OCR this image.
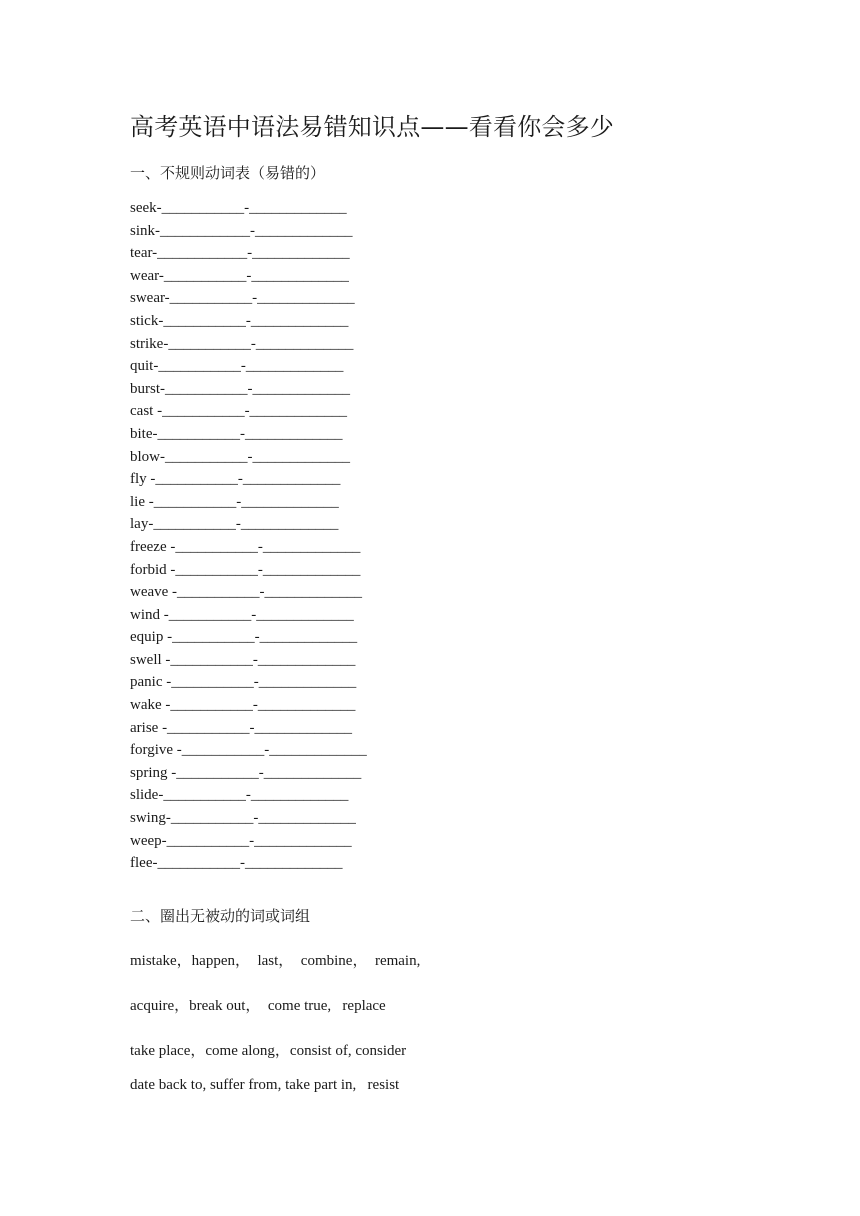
高考英语中语法易错知识点——看看你会多少
一、不规则动词表（易错的）
seek-___________-_____________
sink-____________-_____________
tear-____________-_____________
wear-___________-_____________
swear-___________-_____________
stick-___________-_____________
strike-___________-_____________
quit-___________-_____________
burst-___________-_____________
cast -___________-_____________
bite-___________-_____________
blow-___________-_____________
fly -___________-_____________
lie -___________-_____________
lay-___________-_____________
freeze -___________-_____________
forbid -___________-_____________
weave -___________-_____________
wind -___________-_____________
equip -___________-_____________
swell -___________-_____________
panic -___________-_____________
wake -___________-_____________
arise -___________-_____________
forgive -___________-_____________
spring -___________-_____________
slide-___________-_____________
swing-___________-_____________
weep-___________-_____________
flee-___________-_____________
二、圈出无被动的词或词组
mistake，happen，  last，  combine，  remain,
acquire，break out，  come true,   replace
take place，come along，consist of, consider
date back to, suffer from, take part in,   resist
